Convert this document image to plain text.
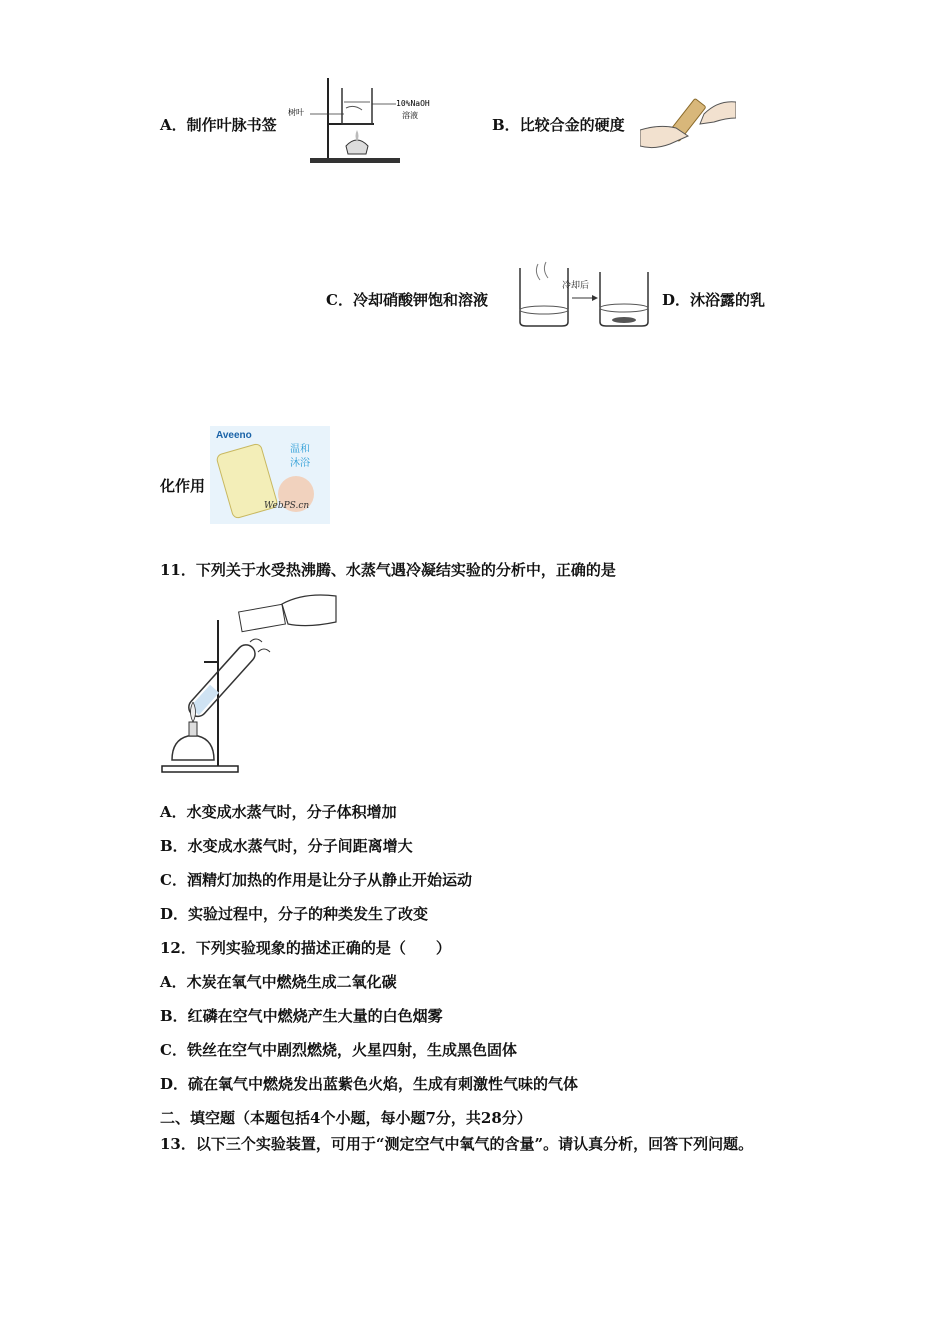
A．制作叶脉书签
树叶
10%NaOH
溶液
B．比较合金的硬度
C．冷却硝酸钾饱和溶液
冷却后
D．沐浴露的乳
化作用
Aveeno
温和
沐浴
WebPS.cn
11．下列关于水受热沸腾、水蒸气遇冷凝结实验的分析中，正确的是
A．水变成水蒸气时，分子体积增加
B．水变成水蒸气时，分子间距离增大
C．酒精灯加热的作用是让分子从静止开始运动
D．实验过程中，分子的种类发生了改变
12．下列实验现象的描述正确的是（　　）
A．木炭在氧气中燃烧生成二氧化碳
B．红磷在空气中燃烧产生大量的白色烟雾
C．铁丝在空气中剧烈燃烧，火星四射，生成黑色固体
D．硫在氧气中燃烧发出蓝紫色火焰，生成有刺激性气味的气体
二、填空题（本题包括4个小题，每小题7分，共28分）
13．以下三个实验装置，可用于“测定空气中氧气的含量”。请认真分析，回答下列问题。
